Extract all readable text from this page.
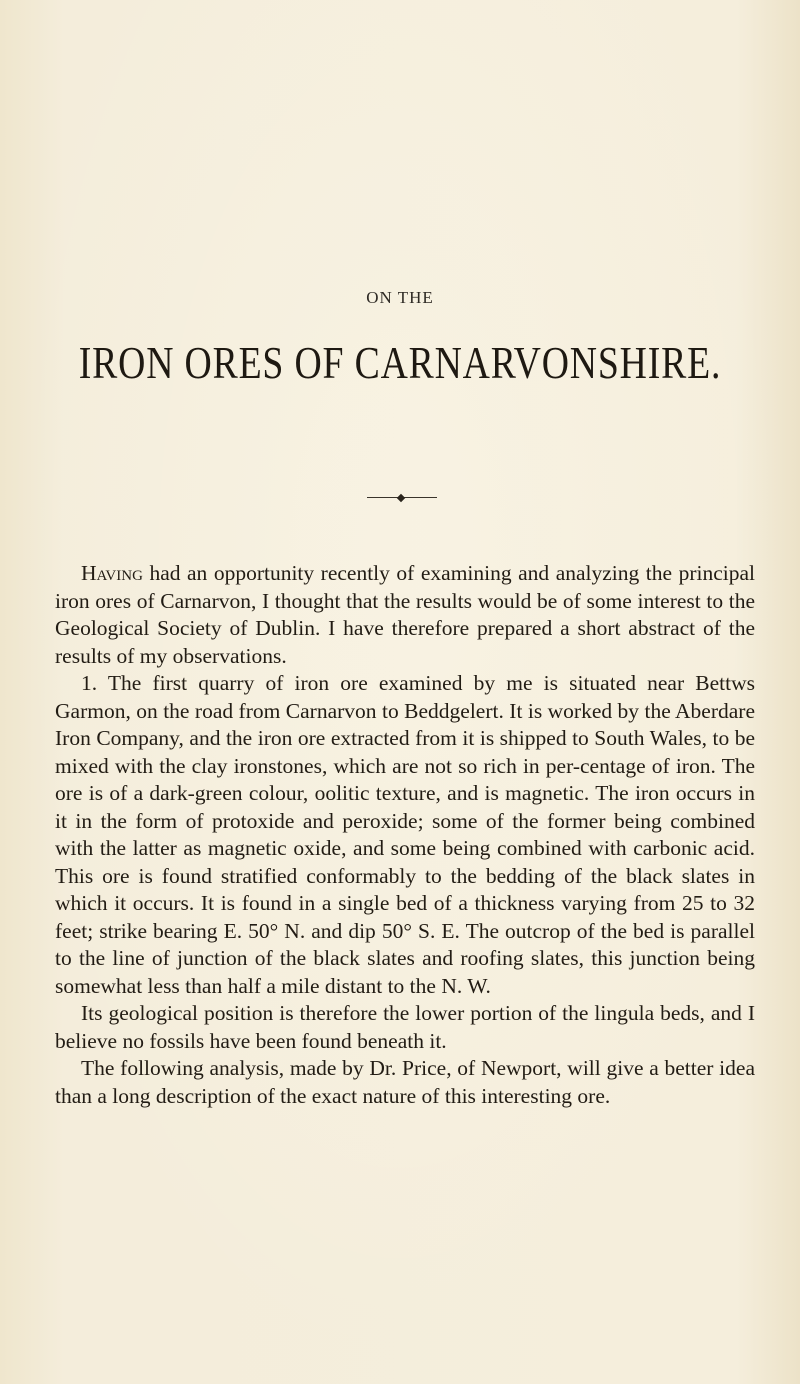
ON THE
IRON ORES OF CARNARVONSHIRE.

Having had an opportunity recently of examining and analyzing the principal iron ores of Carnarvon, I thought that the results would be of some interest to the Geological Society of Dublin. I have therefore prepared a short abstract of the results of my observations.

1. The first quarry of iron ore examined by me is situated near Bettws Garmon, on the road from Carnarvon to Beddgelert. It is worked by the Aberdare Iron Company, and the iron ore extracted from it is shipped to South Wales, to be mixed with the clay ironstones, which are not so rich in per-centage of iron. The ore is of a dark-green colour, oolitic texture, and is magnetic. The iron occurs in it in the form of protoxide and peroxide; some of the former being combined with the latter as magnetic oxide, and some being combined with carbonic acid. This ore is found stratified conformably to the bedding of the black slates in which it occurs. It is found in a single bed of a thickness varying from 25 to 32 feet; strike bearing E. 50° N. and dip 50° S. E. The outcrop of the bed is parallel to the line of junction of the black slates and roofing slates, this junction being somewhat less than half a mile distant to the N. W.

Its geological position is therefore the lower portion of the lingula beds, and I believe no fossils have been found beneath it.

The following analysis, made by Dr. Price, of Newport, will give a better idea than a long description of the exact nature of this interesting ore.
